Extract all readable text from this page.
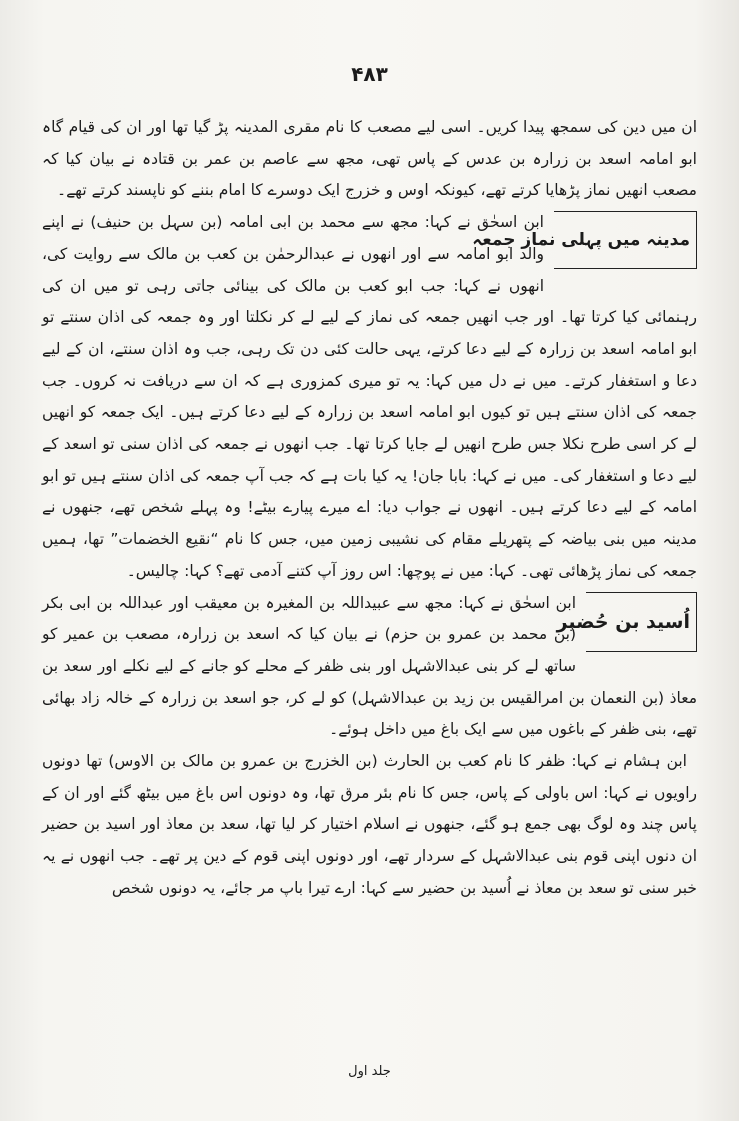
۴۸۳

ان میں دین کی سمجھ پیدا کریں۔ اسی لیے مصعب کا نام مقری المدینہ پڑ گیا تھا اور ان کی قیام گاہ ابو امامہ اسعد بن زرارہ بن عدس کے پاس تھی، مجھ سے عاصم بن عمر بن قتادہ نے بیان کیا کہ مصعب انھیں نماز پڑھایا کرتے تھے، کیونکہ اوس و خزرج ایک دوسرے کا امام بننے کو ناپسند کرتے تھے۔

مدینہ میں پہلی نماز جمعہ

ابن اسحٰق نے کہا: مجھ سے محمد بن ابی امامہ (بن سہل بن حنیف) نے اپنے والد ابو امامہ سے اور انھوں نے عبدالرحمٰن بن کعب بن مالک سے روایت کی، انھوں نے کہا: جب ابو کعب بن مالک کی بینائی جاتی رہی تو میں ان کی رہنمائی کیا کرتا تھا۔ اور جب انھیں جمعہ کی نماز کے لیے لے کر نکلتا اور وہ جمعہ کی اذان سنتے تو ابو امامہ اسعد بن زرارہ کے لیے دعا کرتے، یہی حالت کئی دن تک رہی، جب وہ اذان سنتے، ان کے لیے دعا و استغفار کرتے۔ میں نے دل میں کہا: یہ تو میری کمزوری ہے کہ ان سے دریافت نہ کروں۔ جب جمعہ کی اذان سنتے ہیں تو کیوں ابو امامہ اسعد بن زرارہ کے لیے دعا کرتے ہیں۔ ایک جمعہ کو انھیں لے کر اسی طرح نکلا جس طرح انھیں لے جایا کرتا تھا۔ جب انھوں نے جمعہ کی اذان سنی تو اسعد کے لیے دعا و استغفار کی۔ میں نے کہا: بابا جان! یہ کیا بات ہے کہ جب آپ جمعہ کی اذان سنتے ہیں تو ابو امامہ کے لیے دعا کرتے ہیں۔ انھوں نے جواب دیا: اے میرے پیارے بیٹے! وہ پہلے شخص تھے، جنھوں نے مدینہ میں بنی بیاضہ کے پتھریلے مقام کی نشیبی زمین میں، جس کا نام “نقیع الخضمات” تھا، ہمیں جمعہ کی نماز پڑھائی تھی۔ کہا: میں نے پوچھا: اس روز آپ کتنے آدمی تھے؟ کہا: چالیس۔

اُسید بن حُضیر

ابن اسحٰق نے کہا: مجھ سے عبیداللہ بن المغیرہ بن معیقب اور عبداللہ بن ابی بکر (بن محمد بن عمرو بن حزم) نے بیان کیا کہ اسعد بن زرارہ، مصعب بن عمیر کو ساتھ لے کر بنی عبدالاشہل اور بنی ظفر کے محلے کو جانے کے لیے نکلے اور سعد بن معاذ (بن النعمان بن امرالقیس بن زید بن عبدالاشہل) کو لے کر، جو اسعد بن زرارہ کے خالہ زاد بھائی تھے، بنی ظفر کے باغوں میں سے ایک باغ میں داخل ہوئے۔

ابن ہشام نے کہا: ظفر کا نام کعب بن الحارث (بن الخزرج بن عمرو بن مالک بن الاوس) تھا دونوں راویوں نے کہا: اس باولی کے پاس، جس کا نام بئر مرق تھا، وہ دونوں اس باغ میں بیٹھ گئے اور ان کے پاس چند وہ لوگ بھی جمع ہو گئے، جنھوں نے اسلام اختیار کر لیا تھا، سعد بن معاذ اور اسید بن حضیر ان دنوں اپنی قوم بنی عبدالاشہل کے سردار تھے، اور دونوں اپنی قوم کے دین پر تھے۔ جب انھوں نے یہ خبر سنی تو سعد بن معاذ نے اُسید بن حضیر سے کہا: ارے تیرا باپ مر جائے، یہ دونوں شخص

جلد اول
